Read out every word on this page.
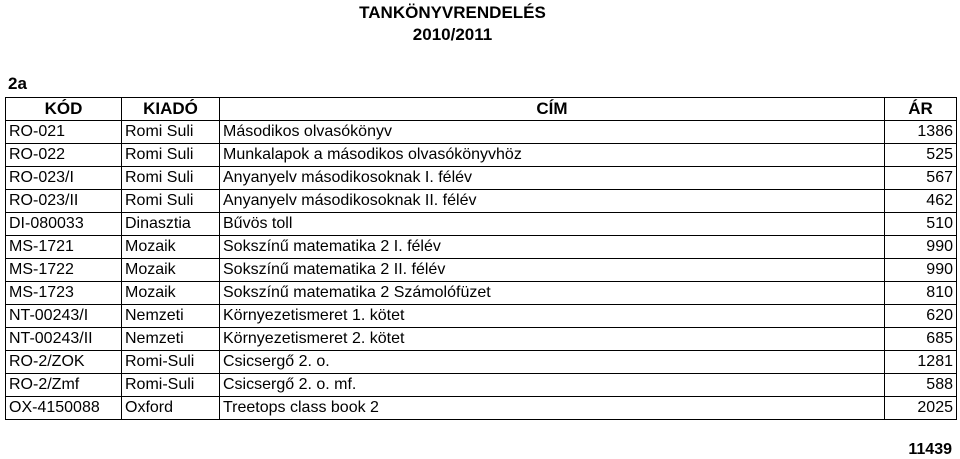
TANKÖNYVRENDELÉS
2010/2011
2a
KÓD	KIADÓ	CÍM	ÁR
RO-021	Romi Suli	Másodikos olvasókönyv	1386
RO-022	Romi Suli	Munkalapok a másodikos olvasókönyvhöz	525
RO-023/I	Romi Suli	Anyanyelv másodikosoknak I. félév	567
RO-023/II	Romi Suli	Anyanyelv másodikosoknak II. félév	462
DI-080033	Dinasztia	Bűvös toll	510
MS-1721	Mozaik	Sokszínű matematika 2 I. félév	990
MS-1722	Mozaik	Sokszínű matematika 2 II. félév	990
MS-1723	Mozaik	Sokszínű matematika 2 Számolófüzet	810
NT-00243/I	Nemzeti	Környezetismeret 1. kötet	620
NT-00243/II	Nemzeti	Környezetismeret 2. kötet	685
RO-2/ZOK	Romi-Suli	Csicsergő 2. o.	1281
RO-2/Zmf	Romi-Suli	Csicsergő 2. o. mf.	588
OX-4150088	Oxford	Treetops class book 2	2025
11439
